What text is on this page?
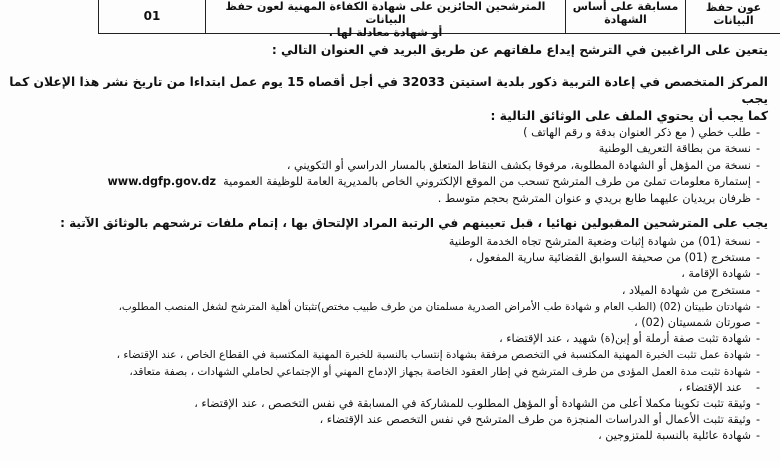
عون حفظ البيانات
مسابقة على أساس الشهادة
المترشحين الحائزين على شهادة الكفاءة المهنية لعون حفظ البيانات
أو شهادة معادلة لها .
01
يتعين على الراغبين في الترشح إيداع ملفاتهم عن طريق البريد في العنوان التالي :
المركز المتخصص في إعادة التربية ذكور بلدية استيتن 32033 في أجل أقصاه 15 يوم عمل ابتداءا من تاريخ نشر هذا الإعلان كما يجب
كما يجب أن يحتوي الملف على الوثائق التالية :
- طلب خطي ( مع ذكر العنوان بدقة و رقم الهاتف )
- نسخة من بطاقة التعريف الوطنية
- نسخة من المؤهل أو الشهادة المطلوبة، مرفوقا بكشف النقاط المتعلق بالمسار الدراسي أو التكويني ،
- إستمارة معلومات تملئ من طرف المترشح تسحب من الموقع الإلكتروني الخاص بالمديرية العامة للوظيفة العمومية  www.dgfp.gov.dz
- ظرفان بريديان عليهما طابع بريدي و عنوان المترشح بحجم متوسط .
يجب على المترشحين المقبولين نهائيا ، قبل تعيينهم في الرتبة المراد الإلتحاق بها ، إتمام ملفات ترشحهم بالوثائق الآتية :
- نسخة (01) من شهادة إثبات وضعية المترشح تجاه الخدمة الوطنية
- مستخرج (01) من صحيفة السوابق القضائية سارية المفعول ،
- شهادة الإقامة ،
- مستخرج من شهادة الميلاد ،
- شهادتان طبيتان (02) (الطب العام و شهادة طب الأمراض الصدرية مسلمتان من طرف طبيب مختص)تثبتان أهلية المترشح لشغل المنصب المطلوب،
- صورتان شمسيتان (02) ،
- شهادة تثبت صفة أرملة أو إبن(ة) شهيد ، عند الإقتضاء ،
- شهادة عمل تثبت الخبرة المهنية المكتسبة في التخصص مرفقة بشهادة إنتساب بالنسبة للخبرة المهنية المكتسبة في القطاع الخاص ، عند الإقتضاء ،
- شهادة تثبت مدة العمل المؤدى من طرف المترشح في إطار العقود الخاصة بجهاز الإدماج المهني أو الإجتماعي لحاملي الشهادات ، بصفة متعاقد،
- عند الإقتضاء ،
- وثيقة تثبت تكوينا مكملا أعلى من الشهادة أو المؤهل المطلوب للمشاركة في المسابقة في نفس التخصص ، عند الإقتضاء ،
- وثيقة تثبت الأعمال أو الدراسات المنجزة من طرف المترشح في نفس التخصص عند الإقتضاء ،
- شهادة عائلية بالنسبة للمتزوجين ،
